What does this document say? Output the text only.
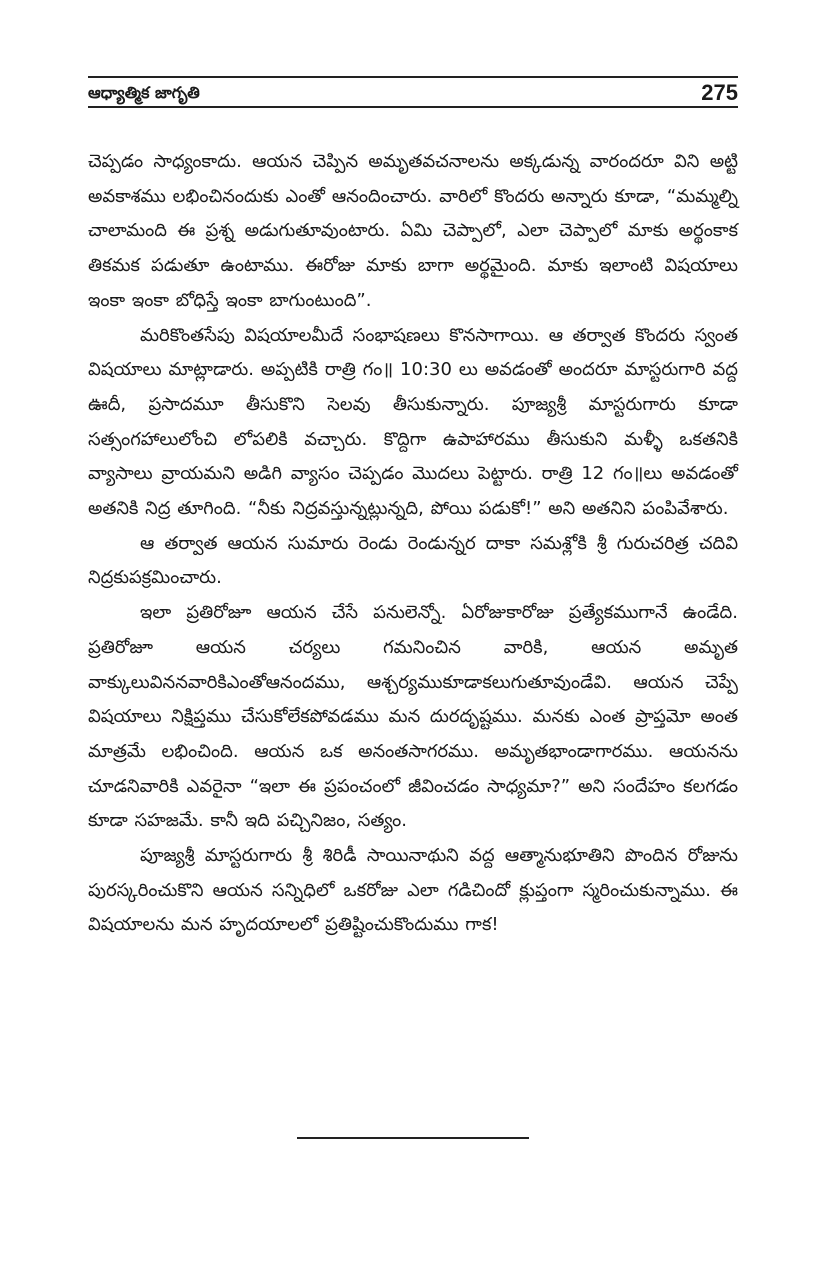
ఆధ్యాత్మిక జాగృతి	275

చెప్పడం సాధ్యంకాదు. ఆయన చెప్పిన అమృతవచనాలను అక్కడున్న వారందరూ విని అట్టి అవకాశము లభించినందుకు ఎంతో ఆనందించారు. వారిలో కొందరు అన్నారు కూడా, “మమ్మల్ని చాలామంది ఈ ప్రశ్న అడుగుతూవుంటారు. ఏమి చెప్పాలో, ఎలా చెప్పాలో మాకు అర్థంకాక తికమక పడుతూ ఉంటాము. ఈరోజు మాకు బాగా అర్థమైంది. మాకు ఇలాంటి విషయాలు ఇంకా ఇంకా బోధిస్తే ఇంకా బాగుంటుంది”.

మరికొంతసేపు విషయాలమీదే సంభాషణలు కొనసాగాయి. ఆ తర్వాత కొందరు స్వంత విషయాలు మాట్లాడారు. అప్పటికి రాత్రి గం॥ 10:30 లు అవడంతో అందరూ మాస్టరుగారి వద్ద ఊదీ, ప్రసాదమూ తీసుకొని సెలవు తీసుకున్నారు. పూజ్యశ్రీ మాస్టరుగారు కూడా సత్సంగహాలులోంచి లోపలికి వచ్చారు. కొద్దిగా ఉపాహారము తీసుకుని మళ్ళీ ఒకతనికి వ్యాసాలు వ్రాయమని అడిగి వ్యాసం చెప్పడం మొదలు పెట్టారు. రాత్రి 12 గం॥లు అవడంతో అతనికి నిద్ర తూగింది. “నీకు నిద్రవస్తున్నట్లున్నది, పోయి పడుకో!” అని అతనిని పంపివేశారు.

ఆ తర్వాత ఆయన సుమారు రెండు రెండున్నర దాకా సమశ్లోకి శ్రీ గురుచరిత్ర చదివి నిద్రకుపక్రమించారు.

ఇలా ప్రతిరోజూ ఆయన చేసే పనులెన్నో. ఏరోజుకారోజు ప్రత్యేకముగానే ఉండేది. ప్రతిరోజూ ఆయన చర్యలు గమనించిన వారికి, ఆయన అమృత వాక్కులువిననవారికిఎంతోఆనందము, ఆశ్చర్యముకూడాకలుగుతూవుండేవి. ఆయన చెప్పే విషయాలు నిక్షిప్తము చేసుకోలేకపోవడము మన దురదృష్టము. మనకు ఎంత ప్రాప్తమో అంత మాత్రమే లభించింది. ఆయన ఒక అనంతసాగరము. అమృతభాండాగారము. ఆయనను చూడనివారికి ఎవరైనా “ఇలా ఈ ప్రపంచంలో జీవించడం సాధ్యమా?” అని సందేహం కలగడం కూడా సహజమే. కానీ ఇది పచ్చినిజం, సత్యం.

పూజ్యశ్రీ మాస్టరుగారు శ్రీ శిరిడీ సాయినాథుని వద్ద ఆత్మానుభూతిని పొందిన రోజును పురస్కరించుకొని ఆయన సన్నిధిలో ఒకరోజు ఎలా గడిచిందో క్లుప్తంగా స్మరించుకున్నాము. ఈ విషయాలను మన హృదయాలలో ప్రతిష్టించుకొందుము గాక!
